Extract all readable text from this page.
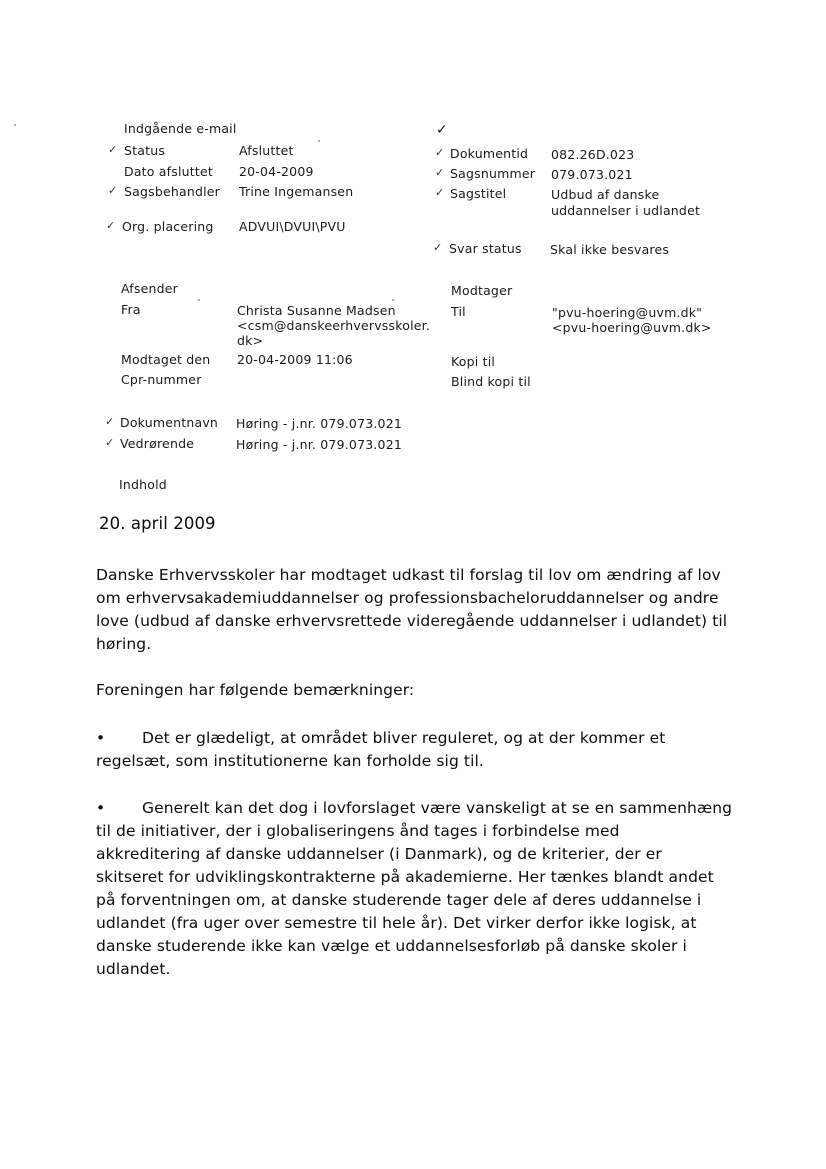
Indgående e-mail	✓
✓ Status	Afsluttet
Dato afsluttet 20-04-2009
✓ Sagsbehandler Trine Ingemansen
✓ Org. placering ADVUI\DVUI\PVU
✓ Dokumentid 082.26D.023
✓ Sagsnummer 079.073.021
✓ Sagstitel	Udbud af danske
uddannelser i udlandet
✓ Svar status Skal ikke besvares
Afsender
Fra	Christa Susanne Madsen
<csm@danskeerhvervsskoler.
dk>
Modtaget den 20-04-2009 11:06
Cpr-nummer
Modtager
Til	"pvu-hoering@uvm.dk"
<pvu-hoering@uvm.dk>
Kopi til
Blind kopi til
✓ Dokumentnavn Høring - j.nr. 079.073.021
✓ Vedrørende	Høring - j.nr. 079.073.021
Indhold
20. april 2009
Danske Erhvervsskoler har modtaget udkast til forslag til lov om ændring af lov
om erhvervsakademiuddannelser og professionsbacheloruddannelser og andre
love (udbud af danske erhvervsrettede videregående uddannelser i udlandet) til
høring.
Foreningen har følgende bemærkninger:
• Det er glædeligt, at området bliver reguleret, og at der kommer et
regelsæt, som institutionerne kan forholde sig til.
• Generelt kan det dog i lovforslaget være vanskeligt at se en sammenhæng
til de initiativer, der i globaliseringens ånd tages i forbindelse med
akkreditering af danske uddannelser (i Danmark), og de kriterier, der er
skitseret for udviklingskontrakterne på akademierne. Her tænkes blandt andet
på forventningen om, at danske studerende tager dele af deres uddannelse i
udlandet (fra uger over semestre til hele år). Det virker derfor ikke logisk, at
danske studerende ikke kan vælge et uddannelsesforløb på danske skoler i
udlandet.
